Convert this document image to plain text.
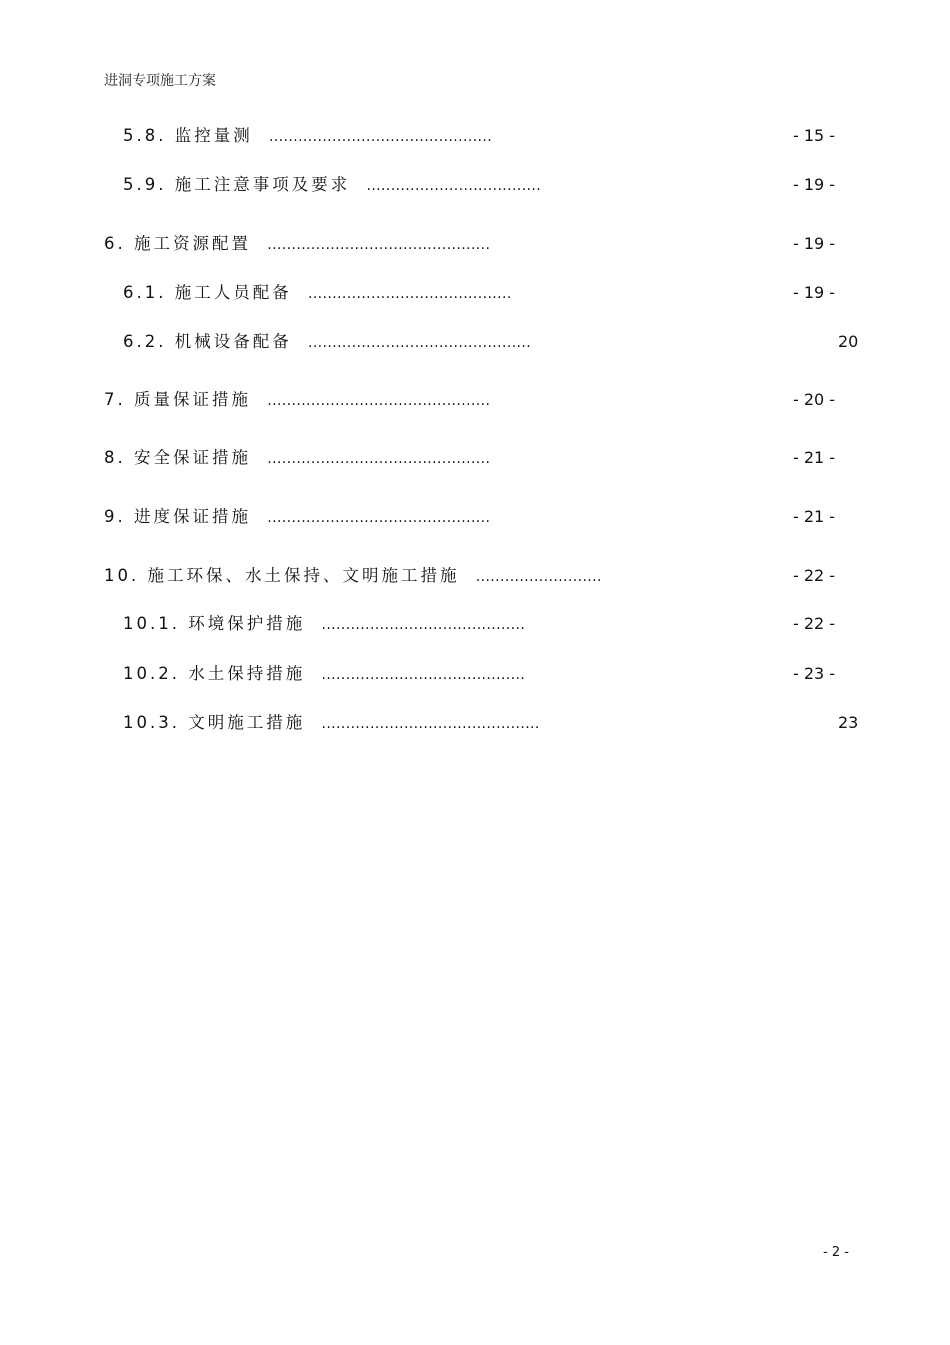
进洞专项施工方案
5.8. 监控量测 ..............................................	- 15 -
5.9. 施工注意事项及要求 ....................................	- 19 -
6. 施工资源配置 ..............................................	- 19 -
6.1. 施工人员配备 ..........................................	- 19 -
6.2. 机械设备配备 ..............................................	20
7. 质量保证措施 ..............................................	- 20 -
8. 安全保证措施 ..............................................	- 21 -
9. 进度保证措施 ..............................................	- 21 -
10. 施工环保、水土保持、文明施工措施 ..........................	- 22 -
10.1. 环境保护措施 ..........................................	- 22 -
10.2. 水土保持措施 ..........................................	- 23 -
10.3. 文明施工措施 .............................................	23
- 2 -
